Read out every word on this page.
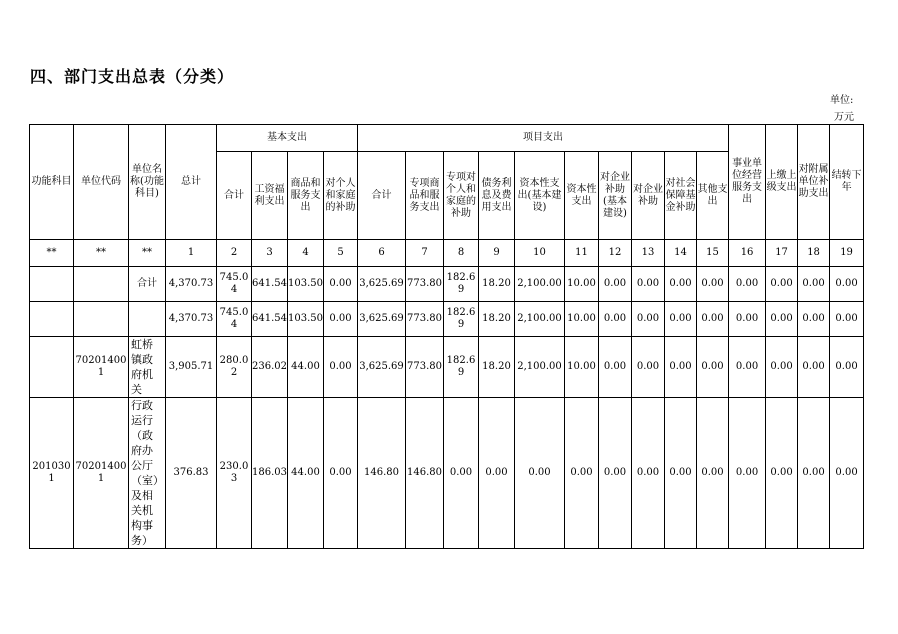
四、部门支出总表（分类）
单位:
万元
功能科目	单位代码	单位名称(功能科目)	总计	基本支出				项目支出										事业单位经营服务支出	上缴上级支出	对附属单位补助支出	结转下年
				合计	工资福利支出	商品和服务支出	对个人和家庭的补助	合计	专项商品和服务支出	专项对个人和家庭的补助	债务利息及费用支出	资本性支出(基本建设)	资本性支出	对企业补助(基本建设)	对企业补助	对社会保障基金补助	其他支出				
**	**	**	1	2	3	4	5	6	7	8	9	10	11	12	13	14	15	16	17	18	19
		合计	4,370.73	745.04	641.54	103.50	0.00	3,625.69	773.80	182.69	18.20	2,100.00	10.00	0.00	0.00	0.00	0.00	0.00	0.00	0.00	0.00
			4,370.73	745.04	641.54	103.50	0.00	3,625.69	773.80	182.69	18.20	2,100.00	10.00	0.00	0.00	0.00	0.00	0.00	0.00	0.00	0.00
	702014001	虹桥镇政府机关	3,905.71	280.02	236.02	44.00	0.00	3,625.69	773.80	182.69	18.20	2,100.00	10.00	0.00	0.00	0.00	0.00	0.00	0.00	0.00	0.00
2010301	702014001	行政运行（政府办公厅（室）及相关机构事务）	376.83	230.03	186.03	44.00	0.00	146.80	146.80	0.00	0.00	0.00	0.00	0.00	0.00	0.00	0.00	0.00	0.00	0.00	0.00
